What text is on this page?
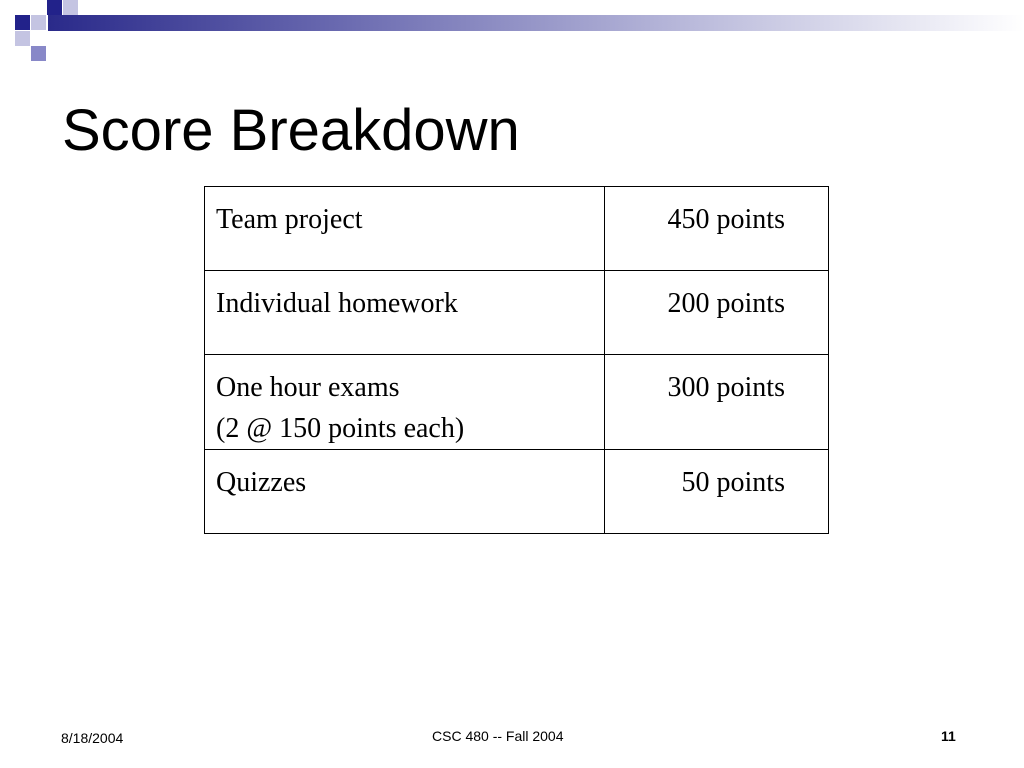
Score Breakdown
Team project	450 points

Individual homework	200 points

One hour exams
(2 @ 150 points each)	300 points

Quizzes	50 points
8/18/2004	CSC 480 -- Fall 2004	11
